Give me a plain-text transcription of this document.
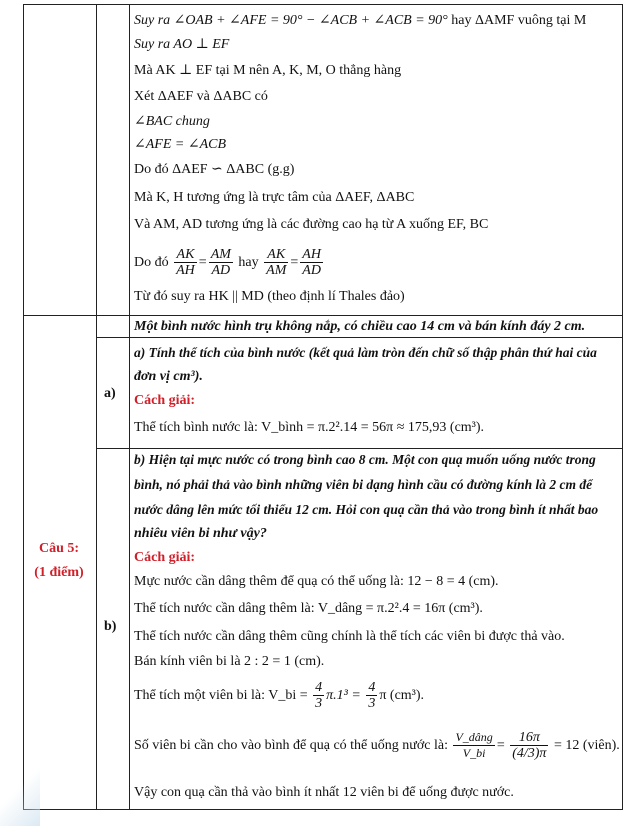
Suy ra ∠OAB + ∠AFE = 90° − ∠ACB + ∠ACB = 90° hay ΔAMF vuông tại M
Suy ra AO ⊥ EF
Mà AK ⊥ EF tại M nên A, K, M, O thẳng hàng
Xét ΔAEF và ΔABC có
∠BAC chung
∠AFE = ∠ACB
Do đó ΔAEF ∽ ΔABC (g.g)
Mà K, H tương ứng là trực tâm của ΔAEF, ΔABC
Và AM, AD tương ứng là các đường cao hạ từ A xuống EF, BC
Do đó $\frac{AK}{AH} = \frac{AM}{AD}$ hay $\frac{AK}{AM} = \frac{AH}{AD}$
Từ đó suy ra HK || MD (theo định lí Thales đảo)
Câu 5:
(1 điểm)
Một bình nước hình trụ không nắp, có chiều cao 14 cm và bán kính đáy 2 cm.
a)
a) Tính thể tích của bình nước (kết quả làm tròn đến chữ số thập phân thứ hai của
đơn vị cm³).
Cách giải:
Thể tích bình nước là: V_bình = π.2².14 = 56π ≈ 175,93 (cm³).
b)
b) Hiện tại mực nước có trong bình cao 8 cm. Một con quạ muốn uống nước trong
bình, nó phải thả vào bình những viên bi dạng hình cầu có đường kính là 2 cm để
nước dâng lên mức tối thiểu 12 cm. Hỏi con quạ cần thả vào trong bình ít nhất bao
nhiêu viên bi như vậy?
Cách giải:
Mực nước cần dâng thêm để quạ có thể uống là: 12 − 8 = 4 (cm).
Thể tích nước cần dâng thêm là: V_dâng = π.2².4 = 16π (cm³).
Thể tích nước cần dâng thêm cũng chính là thể tích các viên bi được thả vào.
Bán kính viên bi là 2 : 2 = 1 (cm).
Thể tích một viên bi là: V_bi = $\frac{4}{3} \pi.1^3 = \frac{4}{3}$ π (cm³).
Số viên bi cần cho vào bình để quạ có thể uống nước là: $\frac{\text{V\_dâng}}{V\_bi} = \frac{16\pi}{(4/3)\pi} = 12$ (viên).
Vậy con quạ cần thả vào bình ít nhất 12 viên bi để uống được nước.
